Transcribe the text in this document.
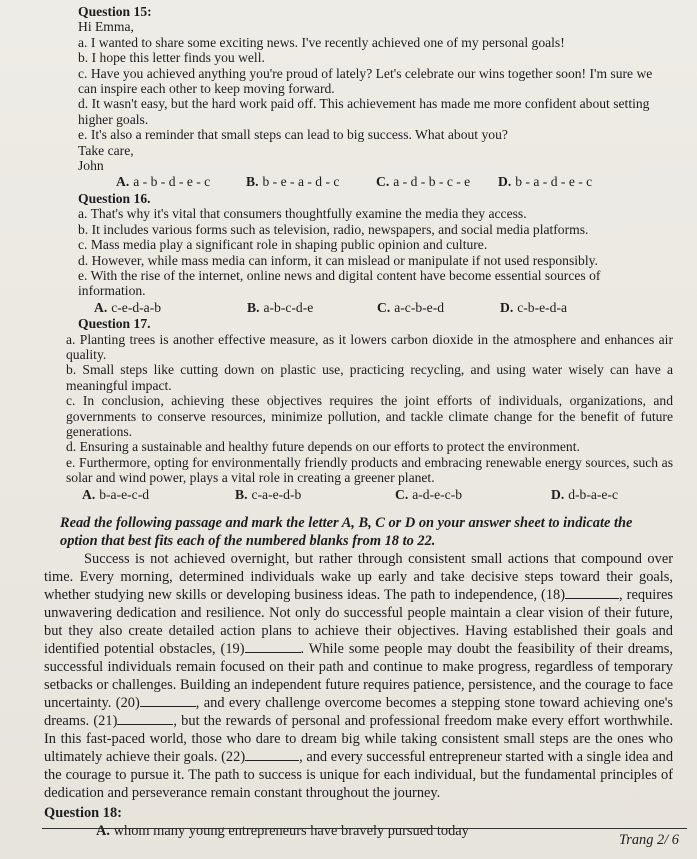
Question 15:
Hi Emma,
a. I wanted to share some exciting news. I've recently achieved one of my personal goals!
b. I hope this letter finds you well.
c. Have you achieved anything you're proud of lately? Let's celebrate our wins together soon! I'm sure we
can inspire each other to keep moving forward.
d. It wasn't easy, but the hard work paid off. This achievement has made me more confident about setting
higher goals.
e. It's also a reminder that small steps can lead to big success. What about you?
Take care,
John
A. a - b - d - e - c	B. b - e - a - d - c	C. a - d - b - c - e	D. b - a - d - e - c
Question 16.
a. That's why it's vital that consumers thoughtfully examine the media they access.
b. It includes various forms such as television, radio, newspapers, and social media platforms.
c. Mass media play a significant role in shaping public opinion and culture.
d. However, while mass media can inform, it can mislead or manipulate if not used responsibly.
e. With the rise of the internet, online news and digital content have become essential sources of
information.
A. c-e-d-a-b	B. a-b-c-d-e	C. a-c-b-e-d	D. c-b-e-d-a
Question 17.
a. Planting trees is another effective measure, as it lowers carbon dioxide in the atmosphere and enhances air quality.
b. Small steps like cutting down on plastic use, practicing recycling, and using water wisely can have a meaningful impact.
c. In conclusion, achieving these objectives requires the joint efforts of individuals, organizations, and governments to conserve resources, minimize pollution, and tackle climate change for the benefit of future generations.
d. Ensuring a sustainable and healthy future depends on our efforts to protect the environment.
e. Furthermore, opting for environmentally friendly products and embracing renewable energy sources, such as solar and wind power, plays a vital role in creating a greener planet.
A. b-a-e-c-d	B. c-a-e-d-b	C. a-d-e-c-b	D. d-b-a-e-c
Read the following passage and mark the letter A, B, C or D on your answer sheet to indicate the option that best fits each of the numbered blanks from 18 to 22.
Success is not achieved overnight, but rather through consistent small actions that compound over time. Every morning, determined individuals wake up early and take decisive steps toward their goals, whether studying new skills or developing business ideas. The path to independence, (18)	, requires unwavering dedication and resilience. Not only do successful people maintain a clear vision of their future, but they also create detailed action plans to achieve their objectives. Having established their goals and identified potential obstacles, (19)	. While some people may doubt the feasibility of their dreams, successful individuals remain focused on their path and continue to make progress, regardless of temporary setbacks or challenges. Building an independent future requires patience, persistence, and the courage to face uncertainty. (20)	, and every challenge overcome becomes a stepping stone toward achieving one's dreams. (21)	, but the rewards of personal and professional freedom make every effort worthwhile. In this fast-paced world, those who dare to dream big while taking consistent small steps are the ones who ultimately achieve their goals. (22)	, and every successful entrepreneur started with a single idea and the courage to pursue it. The path to success is unique for each individual, but the fundamental principles of dedication and perseverance remain constant throughout the journey.
Question 18:
A. whom many young entrepreneurs have bravely pursued today
Trang 2/ 6
